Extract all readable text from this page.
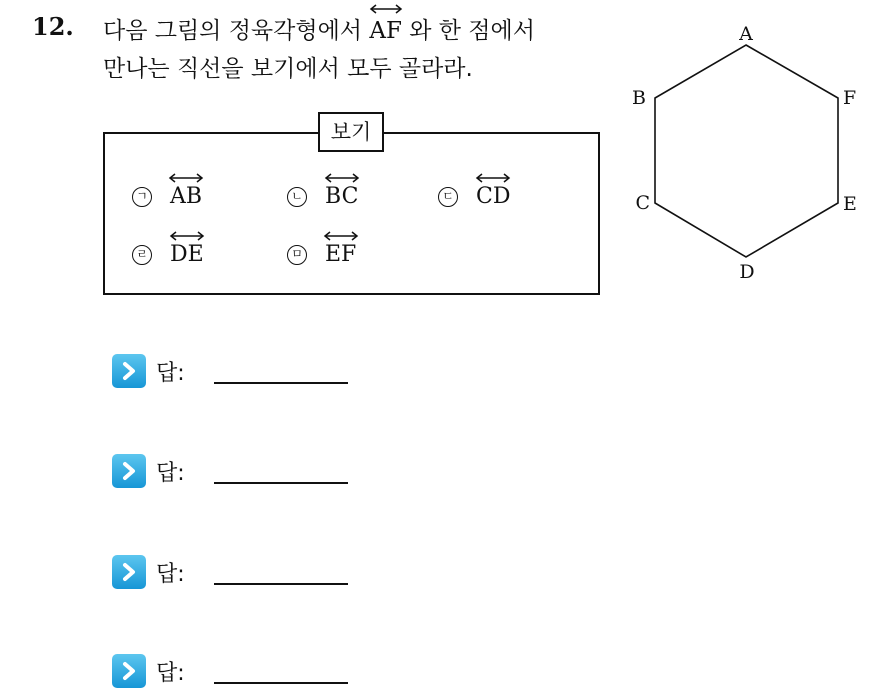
12. 다음 그림의 정육각형에서 AF 와 한 점에서
만나는 직선을 보기에서 모두 골라라.
보기
ㄱ AB	ㄴ BC	ㄷ CD
ㄹ DE	ㅁ EF
A
B
C
D
E
F
답:
답:
답:
답:
